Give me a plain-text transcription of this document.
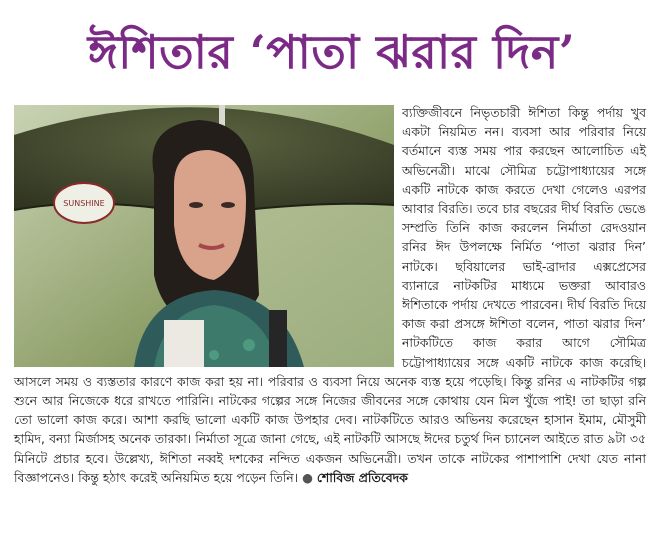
ঈশিতার ‘পাতা ঝরার দিন’
SUNSHINE

ব্যক্তিজীবনে নিভৃতচারী ঈশিতা কিন্তু পর্দায় খুব একটা নিয়মিত নন। ব্যবসা আর পরিবার নিয়ে বর্তমানে ব্যস্ত সময় পার করছেন আলোচিত এই অভিনেত্রী। মাঝে সৌমিত্র চট্টোপাধ্যায়ের সঙ্গে একটি নাটকে কাজ করতে দেখা গেলেও এরপর আবার বিরতি। তবে চার বছরের দীর্ঘ বিরতি ভেঙে সম্প্রতি তিনি কাজ করলেন নির্মাতা রেদওয়ান রনির ঈদ উপলক্ষে নির্মিত ‘পাতা ঝরার দিন’ নাটকে। ছবিয়ালের ভাই-ব্রাদার এক্সপ্রেসের ব্যানারে নাটকটির মাধ্যমে ভক্তরা আবারও ঈশিতাকে পর্দায় দেখতে পারবেন। দীর্ঘ বিরতি দিয়ে কাজ করা প্রসঙ্গে ঈশিতা বলেন, পাতা ঝরার দিন’ নাটকটিতে কাজ করার আগে সৌমিত্র চট্টোপাধ্যায়ের সঙ্গে একটি নাটকে কাজ করেছি। আসলে সময় ও ব্যস্ততার কারণে কাজ করা হয় না। পরিবার ও ব্যবসা নিয়ে অনেক ব্যস্ত হয়ে পড়েছি। কিন্তু রনির এ নাটকটির গল্প শুনে আর নিজেকে ধরে রাখতে পারিনি। নাটকের গল্পের সঙ্গে নিজের জীবনের সঙ্গে কোথায় যেন মিল খুঁজে পাই! তা ছাড়া রনি তো ভালো কাজ করে। আশা করছি ভালো একটি কাজ উপহার দেব। নাটকটিতে আরও অভিনয় করেছেন হাসান ইমাম, মৌসুমী হামিদ, বন্যা মির্জাসহ অনেক তারকা। নির্মাতা সূত্রে জানা গেছে, এই নাটকটি আসছে ঈদের চতুর্থ দিন চ্যানেল আইতে রাত ৯টা ৩৫ মিনিটে প্রচার হবে। উল্লেখ্য, ঈশিতা নব্বই দশকের নন্দিত একজন অভিনেত্রী। তখন তাকে নাটকের পাশাপাশি দেখা যেত নানা বিজ্ঞাপনেও। কিন্তু হঠাৎ করেই অনিয়মিত হয়ে পড়েন তিনি। ● শোবিজ প্রতিবেদক
